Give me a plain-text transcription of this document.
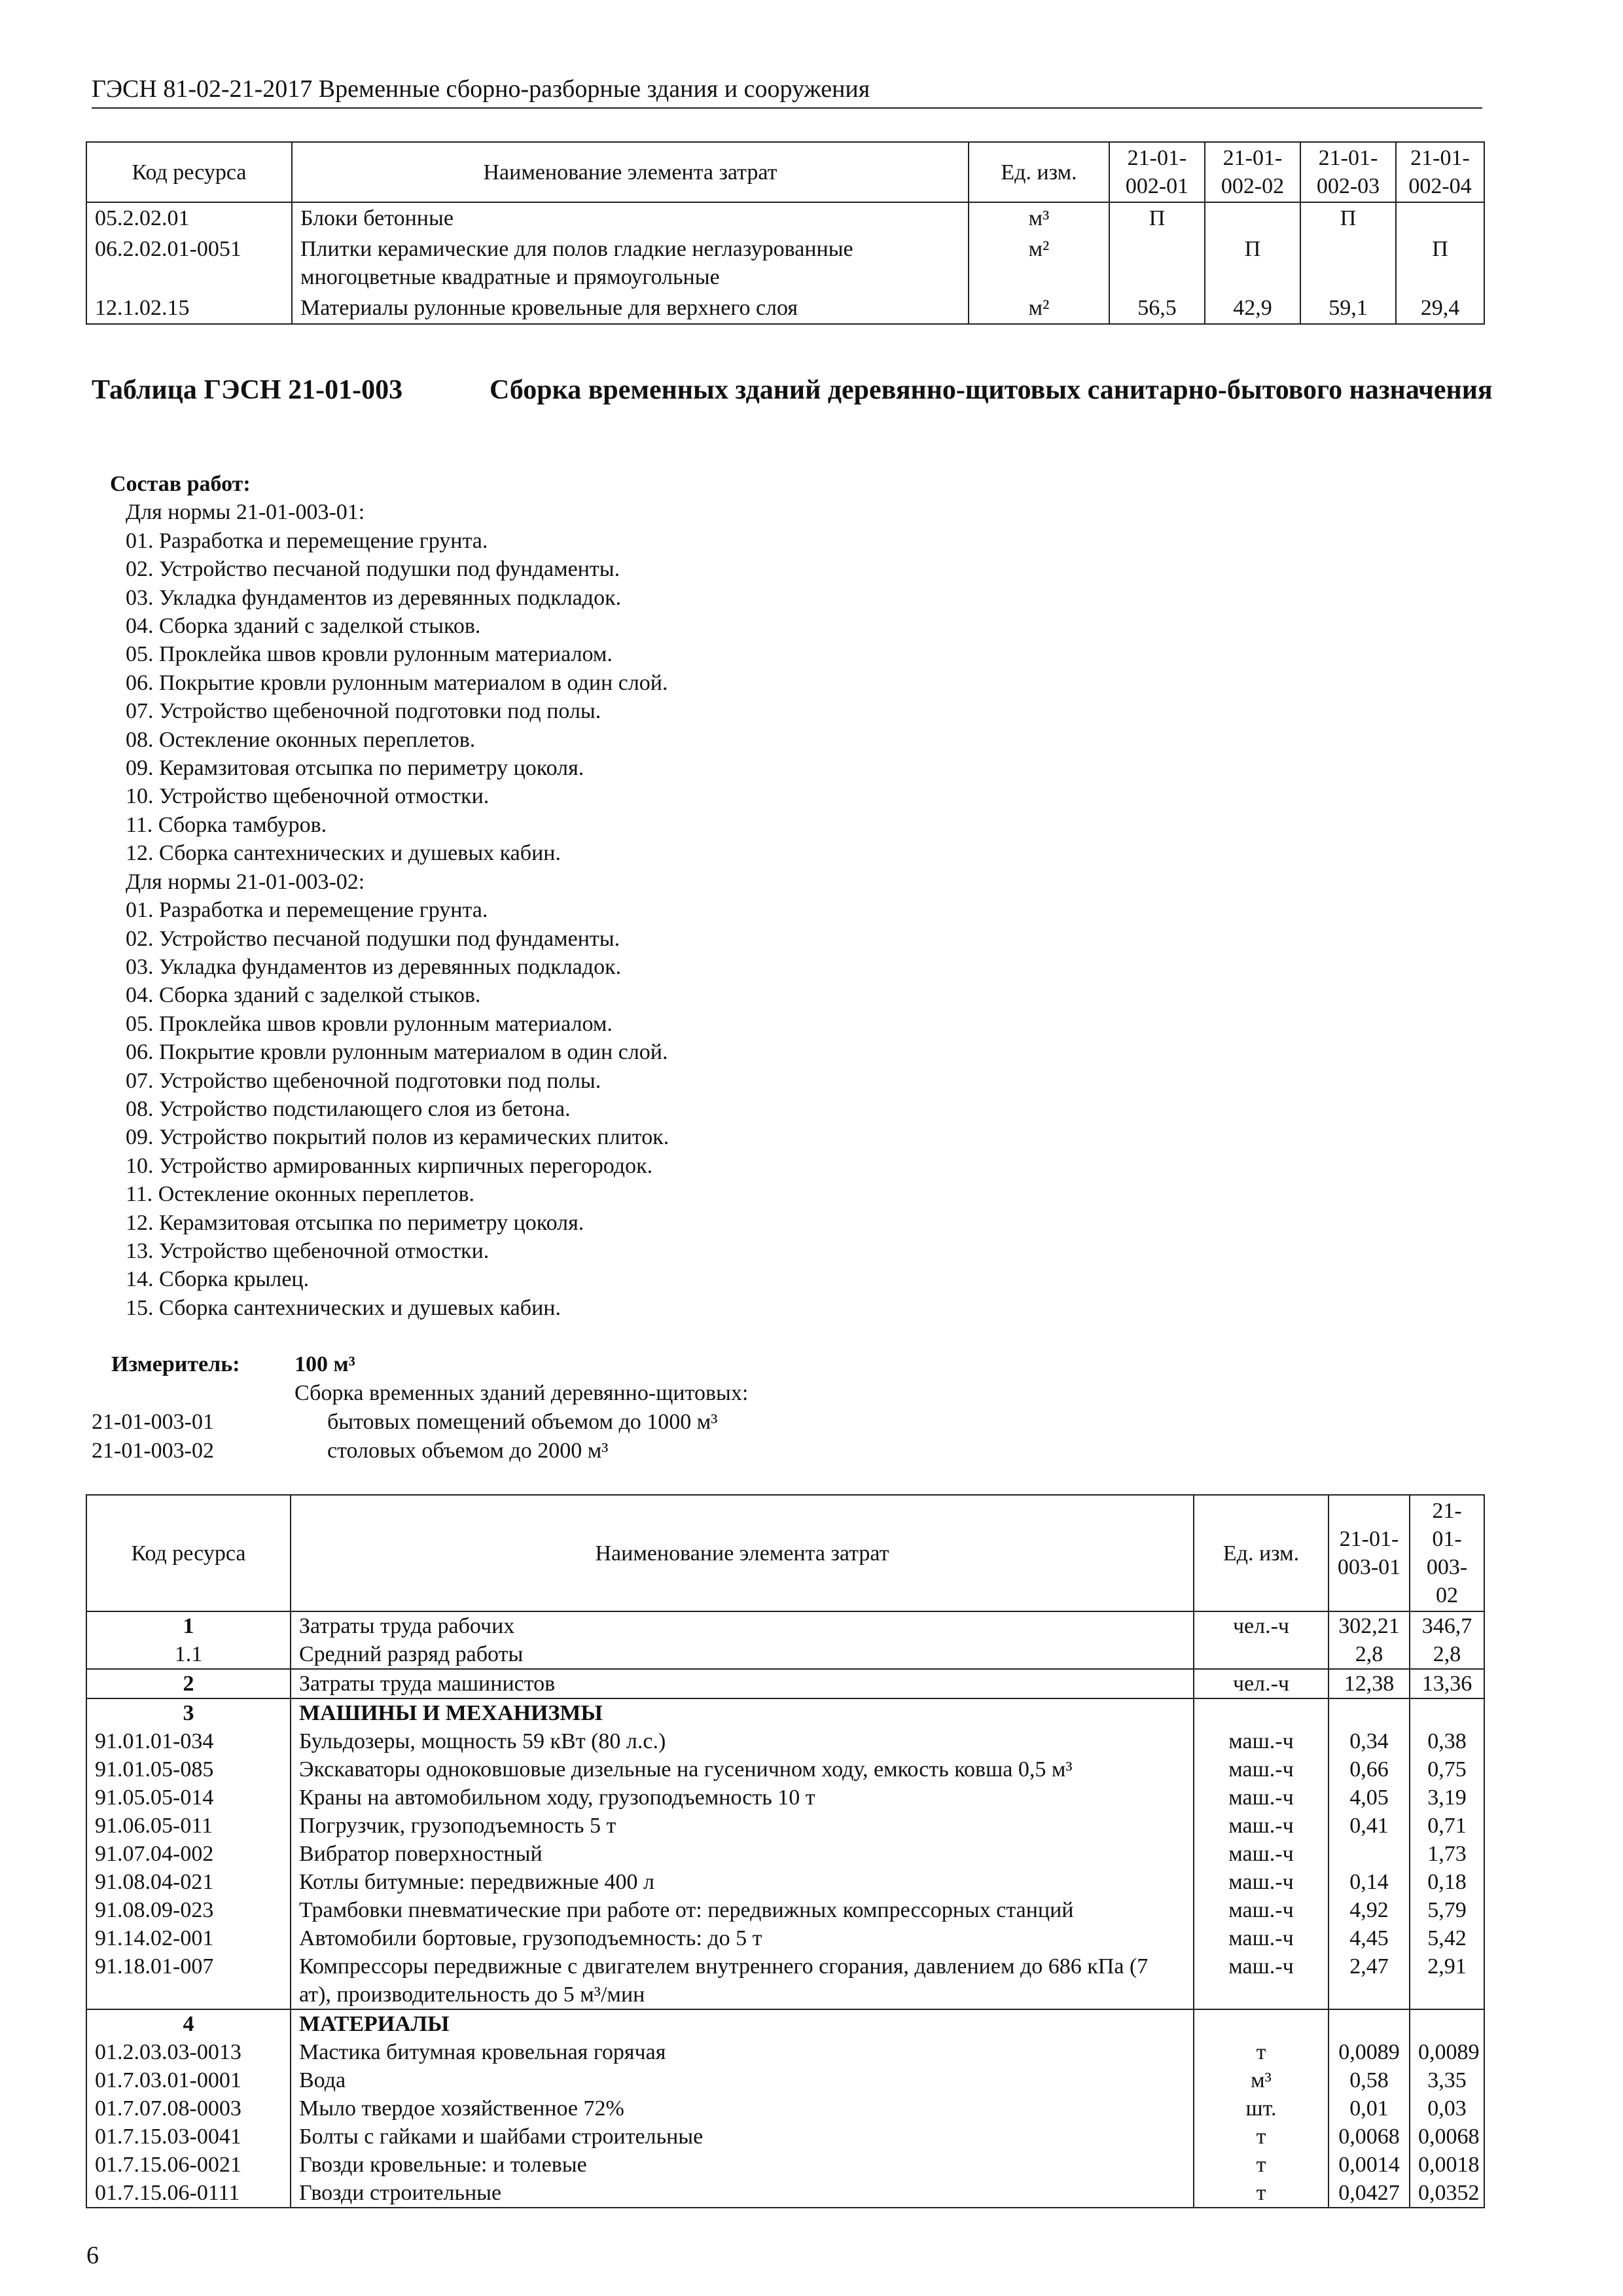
ГЭСН 81-02-21-2017 Временные сборно-разборные здания и сооружения
Код ресурса	Наименование элемента затрат	Ед. изм.	21-01-002-01	21-01-002-02	21-01-002-03	21-01-002-04
05.2.02.01	Блоки бетонные	м³	П		П	
06.2.02.01-0051	Плитки керамические для полов гладкие неглазурованные многоцветные квадратные и прямоугольные	м²		П		П
12.1.02.15	Материалы рулонные кровельные для верхнего слоя	м²	56,5	42,9	59,1	29,4
Таблица ГЭСН 21-01-003	Сборка временных зданий деревянно-щитовых санитарно-бытового назначения
Состав работ:
Для нормы 21-01-003-01:
01. Разработка и перемещение грунта.
02. Устройство песчаной подушки под фундаменты.
03. Укладка фундаментов из деревянных подкладок.
04. Сборка зданий с заделкой стыков.
05. Проклейка швов кровли рулонным материалом.
06. Покрытие кровли рулонным материалом в один слой.
07. Устройство щебеночной подготовки под полы.
08. Остекление оконных переплетов.
09. Керамзитовая отсыпка по периметру цоколя.
10. Устройство щебеночной отмостки.
11. Сборка тамбуров.
12. Сборка сантехнических и душевых кабин.
Для нормы 21-01-003-02:
01. Разработка и перемещение грунта.
02. Устройство песчаной подушки под фундаменты.
03. Укладка фундаментов из деревянных подкладок.
04. Сборка зданий с заделкой стыков.
05. Проклейка швов кровли рулонным материалом.
06. Покрытие кровли рулонным материалом в один слой.
07. Устройство щебеночной подготовки под полы.
08. Устройство подстилающего слоя из бетона.
09. Устройство покрытий полов из керамических плиток.
10. Устройство армированных кирпичных перегородок.
11. Остекление оконных переплетов.
12. Керамзитовая отсыпка по периметру цоколя.
13. Устройство щебеночной отмостки.
14. Сборка крылец.
15. Сборка сантехнических и душевых кабин.
Измеритель: 100 м³
Сборка временных зданий деревянно-щитовых:
21-01-003-01	бытовых помещений объемом до 1000 м³
21-01-003-02	столовых объемом до 2000 м³
Код ресурса	Наименование элемента затрат	Ед. изм.	21-01-003-01	21-01-003-02
1	Затраты труда рабочих	чел.-ч	302,21	346,7
1.1	Средний разряд работы		2,8	2,8
2	Затраты труда машинистов	чел.-ч	12,38	13,36
3	МАШИНЫ И МЕХАНИЗМЫ			
91.01.01-034	Бульдозеры, мощность 59 кВт (80 л.с.)	маш.-ч	0,34	0,38
91.01.05-085	Экскаваторы одноковшовые дизельные на гусеничном ходу, емкость ковша 0,5 м³	маш.-ч	0,66	0,75
91.05.05-014	Краны на автомобильном ходу, грузоподъемность 10 т	маш.-ч	4,05	3,19
91.06.05-011	Погрузчик, грузоподъемность 5 т	маш.-ч	0,41	0,71
91.07.04-002	Вибратор поверхностный	маш.-ч		1,73
91.08.04-021	Котлы битумные: передвижные 400 л	маш.-ч	0,14	0,18
91.08.09-023	Трамбовки пневматические при работе от: передвижных компрессорных станций	маш.-ч	4,92	5,79
91.14.02-001	Автомобили бортовые, грузоподъемность: до 5 т	маш.-ч	4,45	5,42
91.18.01-007	Компрессоры передвижные с двигателем внутреннего сгорания, давлением до 686 кПа (7 ат), производительность до 5 м³/мин	маш.-ч	2,47	2,91
4	МАТЕРИАЛЫ			
01.2.03.03-0013	Мастика битумная кровельная горячая	т	0,0089	0,0089
01.7.03.01-0001	Вода	м³	0,58	3,35
01.7.07.08-0003	Мыло твердое хозяйственное 72%	шт.	0,01	0,03
01.7.15.03-0041	Болты с гайками и шайбами строительные	т	0,0068	0,0068
01.7.15.06-0021	Гвозди кровельные: и толевые	т	0,0014	0,0018
01.7.15.06-0111	Гвозди строительные	т	0,0427	0,0352
6
